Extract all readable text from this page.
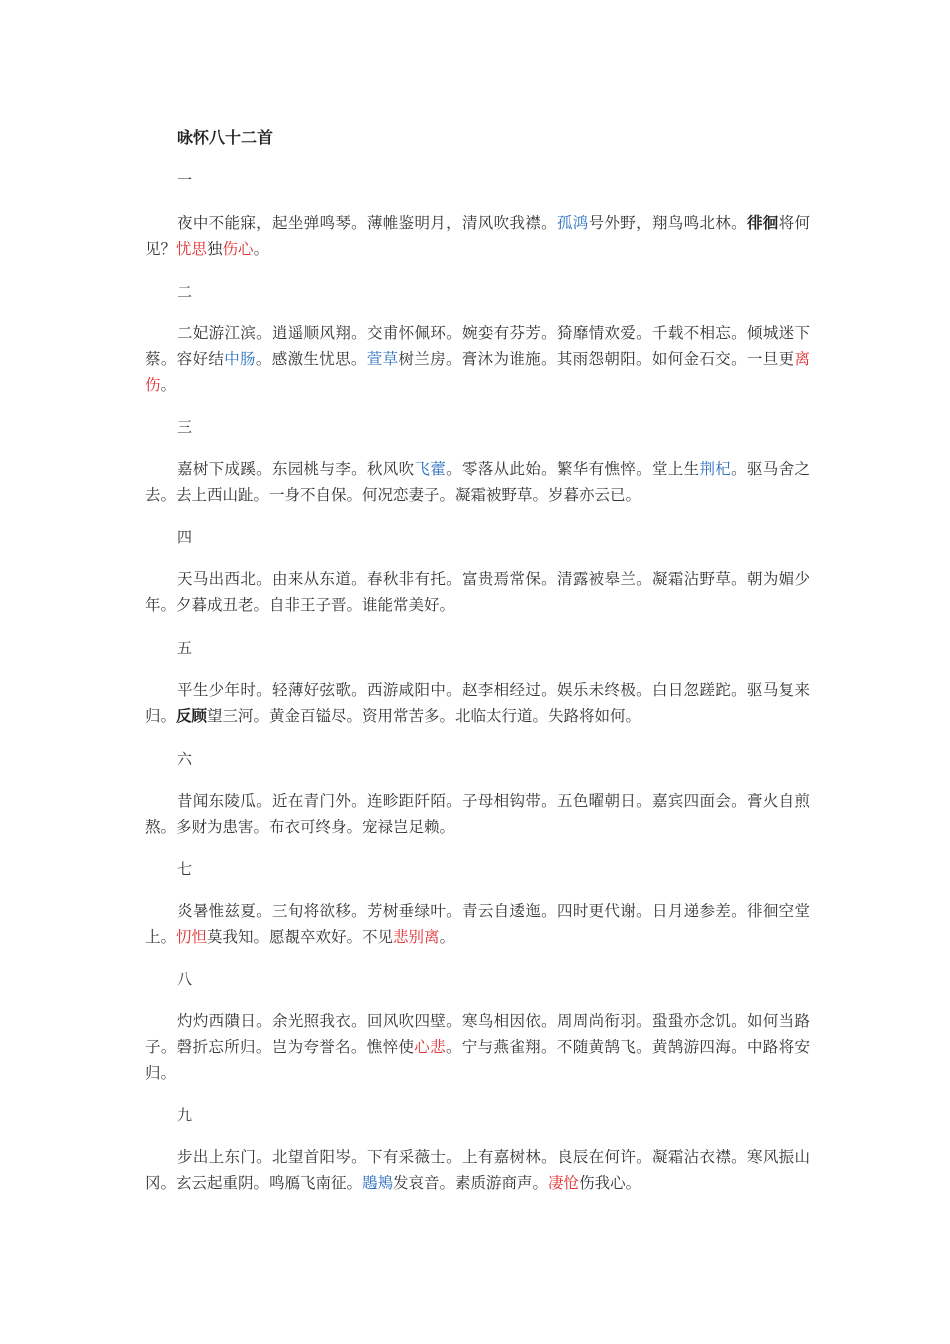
咏怀八十二首
一

夜中不能寐，起坐弹鸣琴。薄帷鉴明月，清风吹我襟。孤鸿号外野，翔鸟鸣北林。徘徊将何见？忧思独伤心。

二

二妃游江滨。逍遥顺风翔。交甫怀佩环。婉娈有芬芳。猗靡情欢爱。千载不相忘。倾城迷下蔡。容好结中肠。感激生忧思。萱草树兰房。膏沐为谁施。其雨怨朝阳。如何金石交。一旦更离伤。

三

嘉树下成蹊。东园桃与李。秋风吹飞藿。零落从此始。繁华有憔悴。堂上生荆杞。驱马舍之去。去上西山趾。一身不自保。何况恋妻子。凝霜被野草。岁暮亦云已。

四

天马出西北。由来从东道。春秋非有托。富贵焉常保。清露被皋兰。凝霜沾野草。朝为媚少年。夕暮成丑老。自非王子晋。谁能常美好。

五

平生少年时。轻薄好弦歌。西游咸阳中。赵李相经过。娱乐未终极。白日忽蹉跎。驱马复来归。反顾望三河。黄金百镒尽。资用常苦多。北临太行道。失路将如何。

六

昔闻东陵瓜。近在青门外。连畛距阡陌。子母相钩带。五色曜朝日。嘉宾四面会。膏火自煎熬。多财为患害。布衣可终身。宠禄岂足赖。

七

炎暑惟兹夏。三旬将欲移。芳树垂绿叶。青云自逶迤。四时更代谢。日月递参差。徘徊空堂上。忉怛莫我知。愿覩卒欢好。不见悲别离。

八

灼灼西隤日。余光照我衣。回风吹四壁。寒鸟相因依。周周尚衔羽。蛩蛩亦念饥。如何当路子。磬折忘所归。岂为夸誉名。憔悴使心悲。宁与燕雀翔。不随黄鹄飞。黄鹄游四海。中路将安归。

九

步出上东门。北望首阳岑。下有采薇士。上有嘉树林。良辰在何许。凝霜沾衣襟。寒风振山冈。玄云起重阴。鸣鴈飞南征。鶗鴂发哀音。素质游商声。凄怆伤我心。
